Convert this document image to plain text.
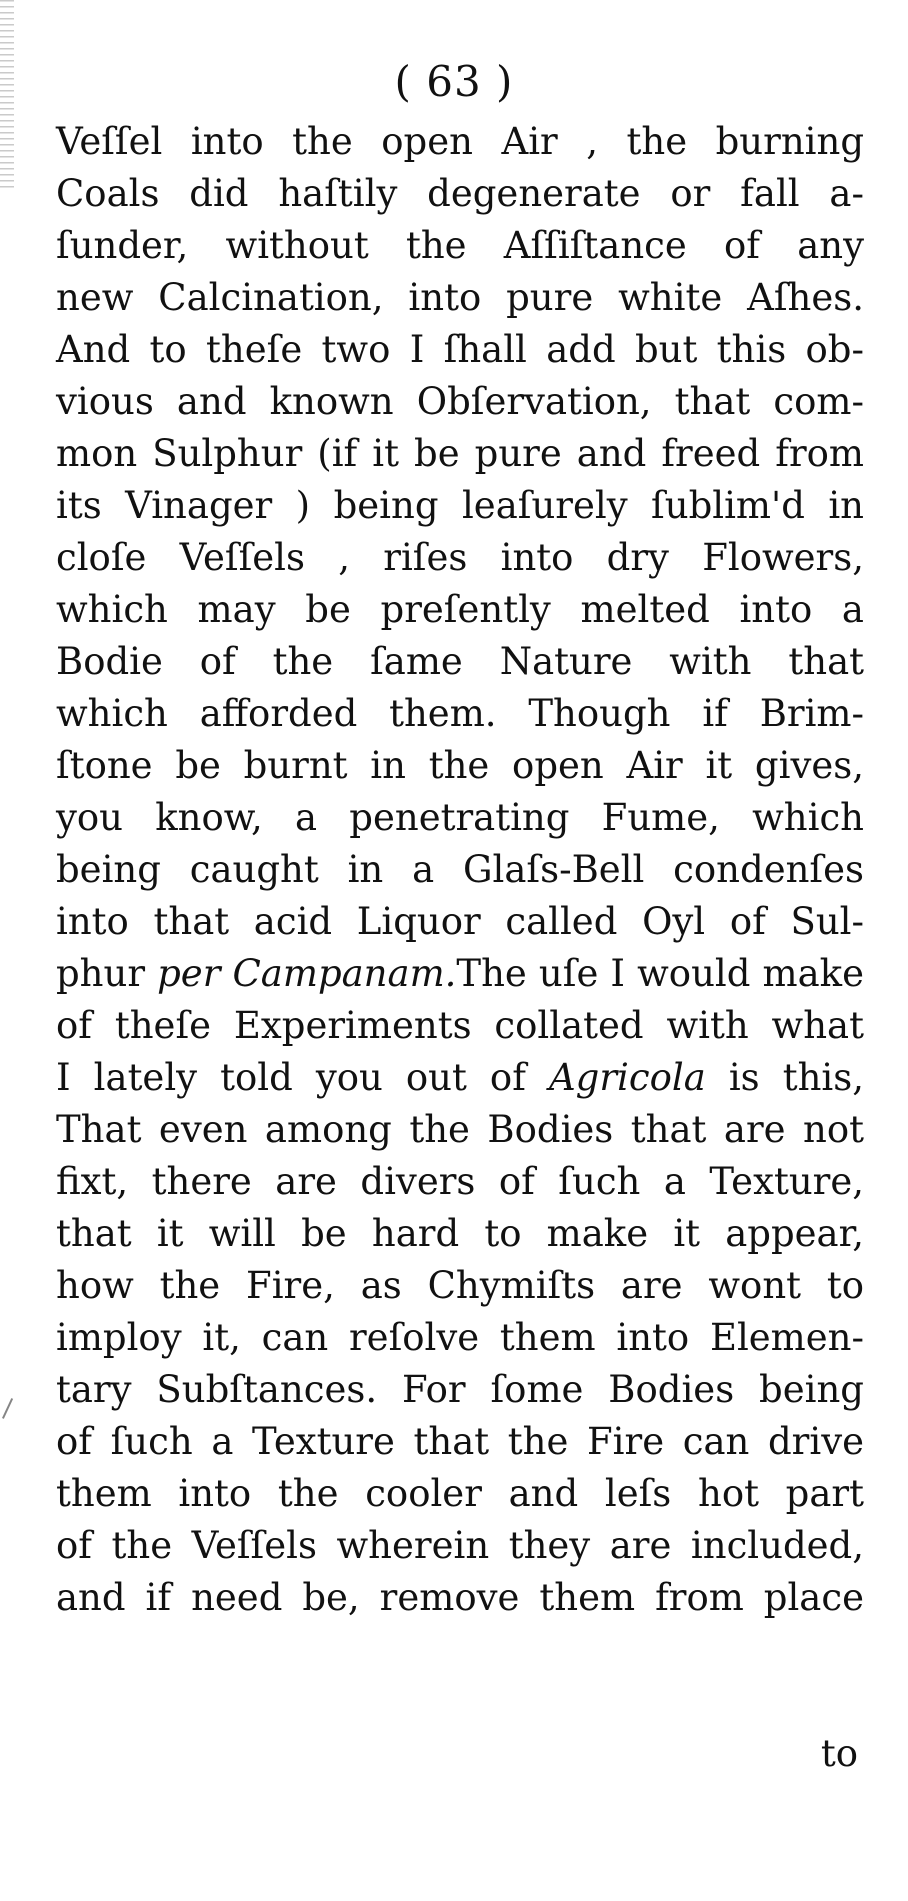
( 63 )
Veſſel into the open Air , the burning
Coals did haſtily degenerate or fall a-
ſunder, without the Aſſiſtance of any
new Calcination, into pure white Aſhes.
And to theſe two I ſhall add but this ob-
vious and known Obſervation, that com-
mon Sulphur (if it be pure and freed from
its Vinager ) being leaſurely ſublim'd in
cloſe Veſſels , riſes into dry Flowers,
which may be preſently melted into a
Bodie of the ſame Nature with that
which afforded them. Though if Brim-
ſtone be burnt in the open Air it gives,
you know, a penetrating Fume, which
being caught in a Glaſs-Bell condenſes
into that acid Liquor called Oyl of Sul-
phur per Campanam.The uſe I would make
of theſe Experiments collated with what
I lately told you out of Agricola is this,
That even among the Bodies that are not
fixt, there are divers of ſuch a Texture,
that it will be hard to make it appear,
how the Fire, as Chymiſts are wont to
imploy it, can reſolve them into Elemen-
tary Subſtances. For ſome Bodies being
of ſuch a Texture that the Fire can drive
them into the cooler and leſs hot part
of the Veſſels wherein they are included,
and if need be, remove them from place
to
